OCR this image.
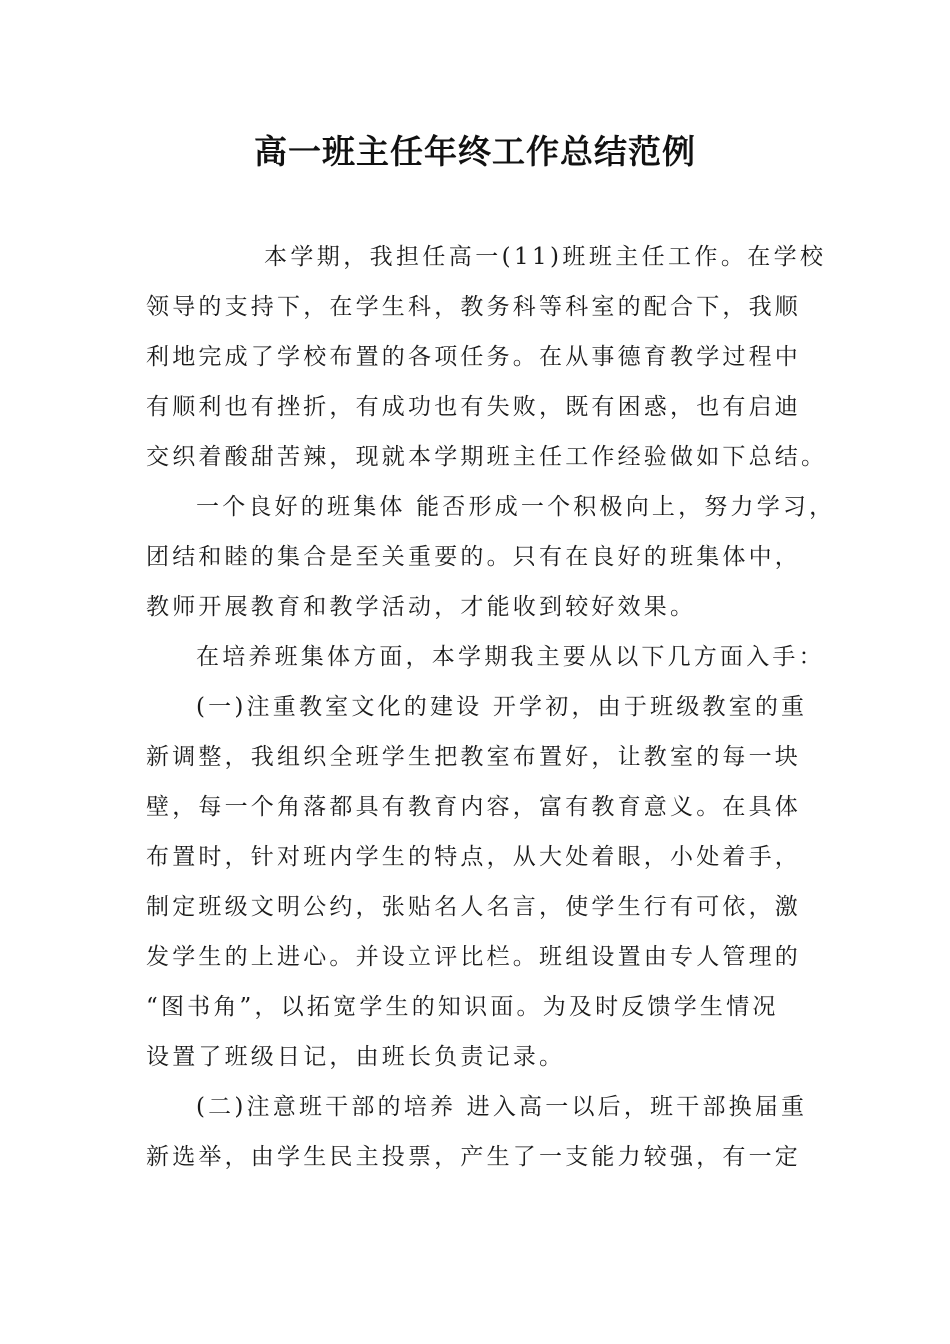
高一班主任年终工作总结范例
本学期，我担任高一(11)班班主任工作。在学校
领导的支持下，在学生科，教务科等科室的配合下，我顺
利地完成了学校布置的各项任务。在从事德育教学过程中
有顺利也有挫折，有成功也有失败，既有困惑，也有启迪
交织着酸甜苦辣，现就本学期班主任工作经验做如下总结。
一个良好的班集体 能否形成一个积极向上，努力学习，
团结和睦的集合是至关重要的。只有在良好的班集体中，
教师开展教育和教学活动，才能收到较好效果。
在培养班集体方面，本学期我主要从以下几方面入手：
(一)注重教室文化的建设 开学初，由于班级教室的重
新调整，我组织全班学生把教室布置好，让教室的每一块
壁，每一个角落都具有教育内容，富有教育意义。在具体
布置时，针对班内学生的特点，从大处着眼，小处着手，
制定班级文明公约，张贴名人名言，使学生行有可依，激
发学生的上进心。并设立评比栏。班组设置由专人管理的
“图书角”，以拓宽学生的知识面。为及时反馈学生情况
设置了班级日记，由班长负责记录。
(二)注意班干部的培养 进入高一以后，班干部换届重
新选举，由学生民主投票，产生了一支能力较强，有一定
